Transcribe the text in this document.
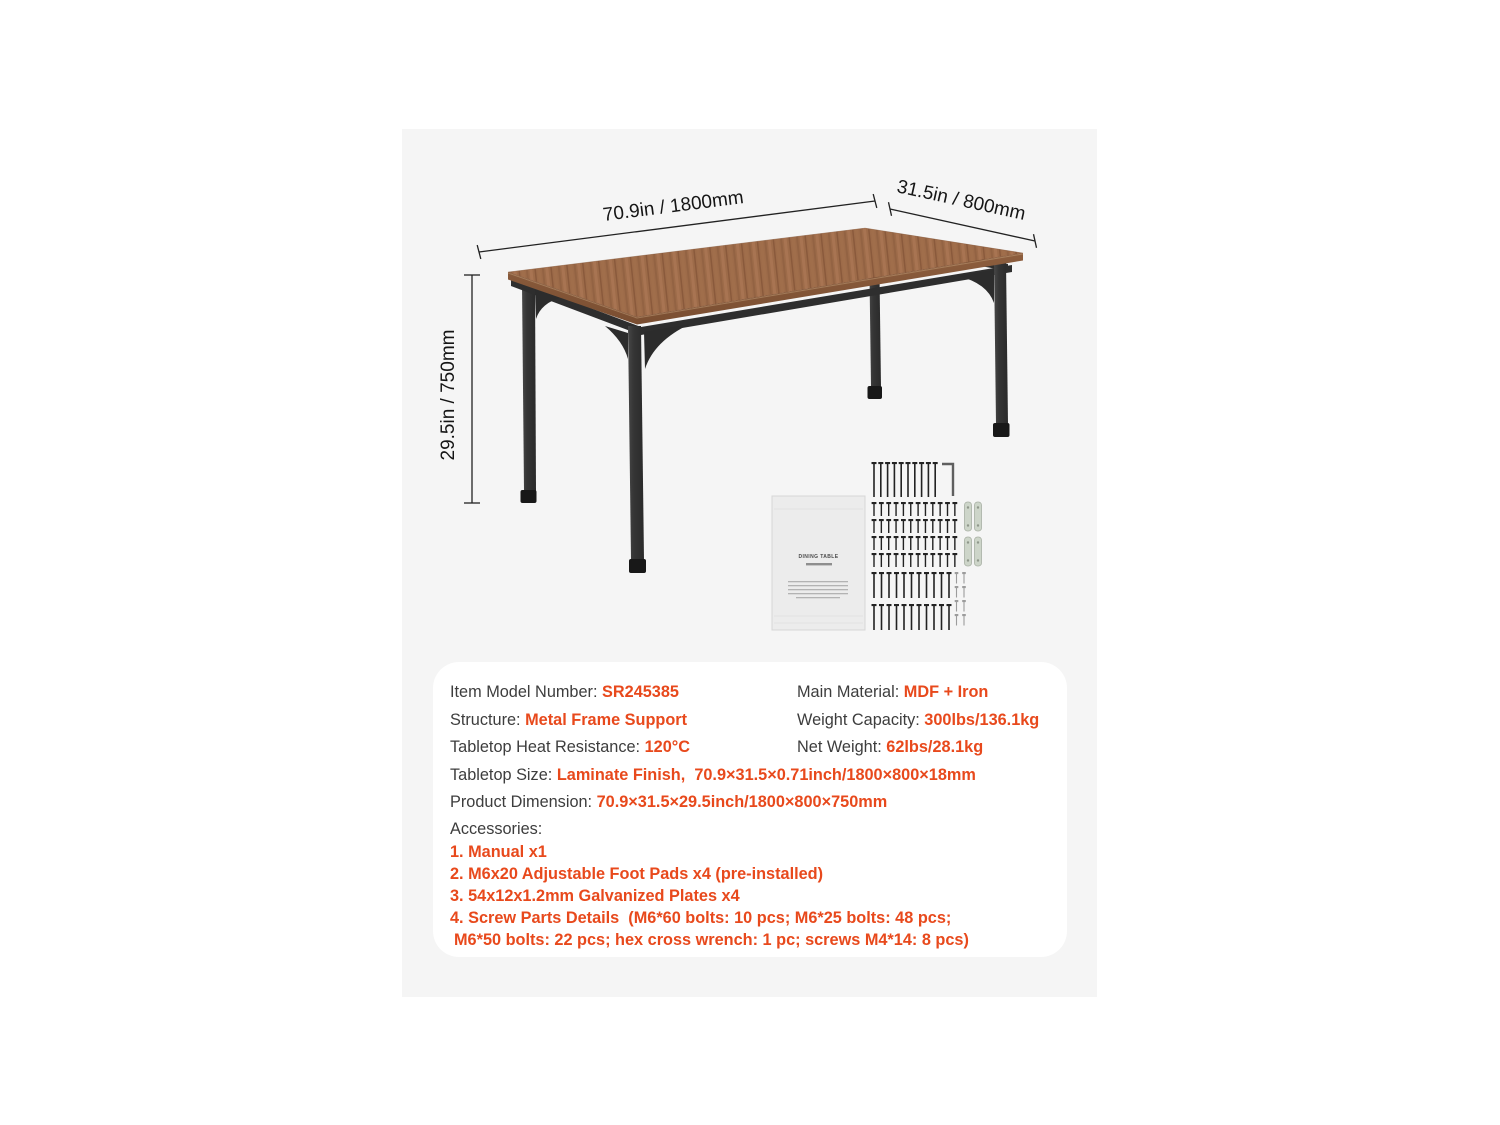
70.9in / 1800mm	31.5in / 800mm
29.5in / 750mm
DINING TABLE
Item Model Number: SR245385	Main Material: MDF + Iron
Structure: Metal Frame Support	Weight Capacity: 300lbs/136.1kg
Tabletop Heat Resistance: 120°C	Net Weight: 62lbs/28.1kg
Tabletop Size: Laminate Finish,  70.9×31.5×0.71inch/1800×800×18mm
Product Dimension: 70.9×31.5×29.5inch/1800×800×750mm
Accessories:
1. Manual x1
2. M6x20 Adjustable Foot Pads x4 (pre-installed)
3. 54x12x1.2mm Galvanized Plates x4
4. Screw Parts Details  (M6*60 bolts: 10 pcs; M6*25 bolts: 48 pcs;
M6*50 bolts: 22 pcs; hex cross wrench: 1 pc; screws M4*14: 8 pcs)
